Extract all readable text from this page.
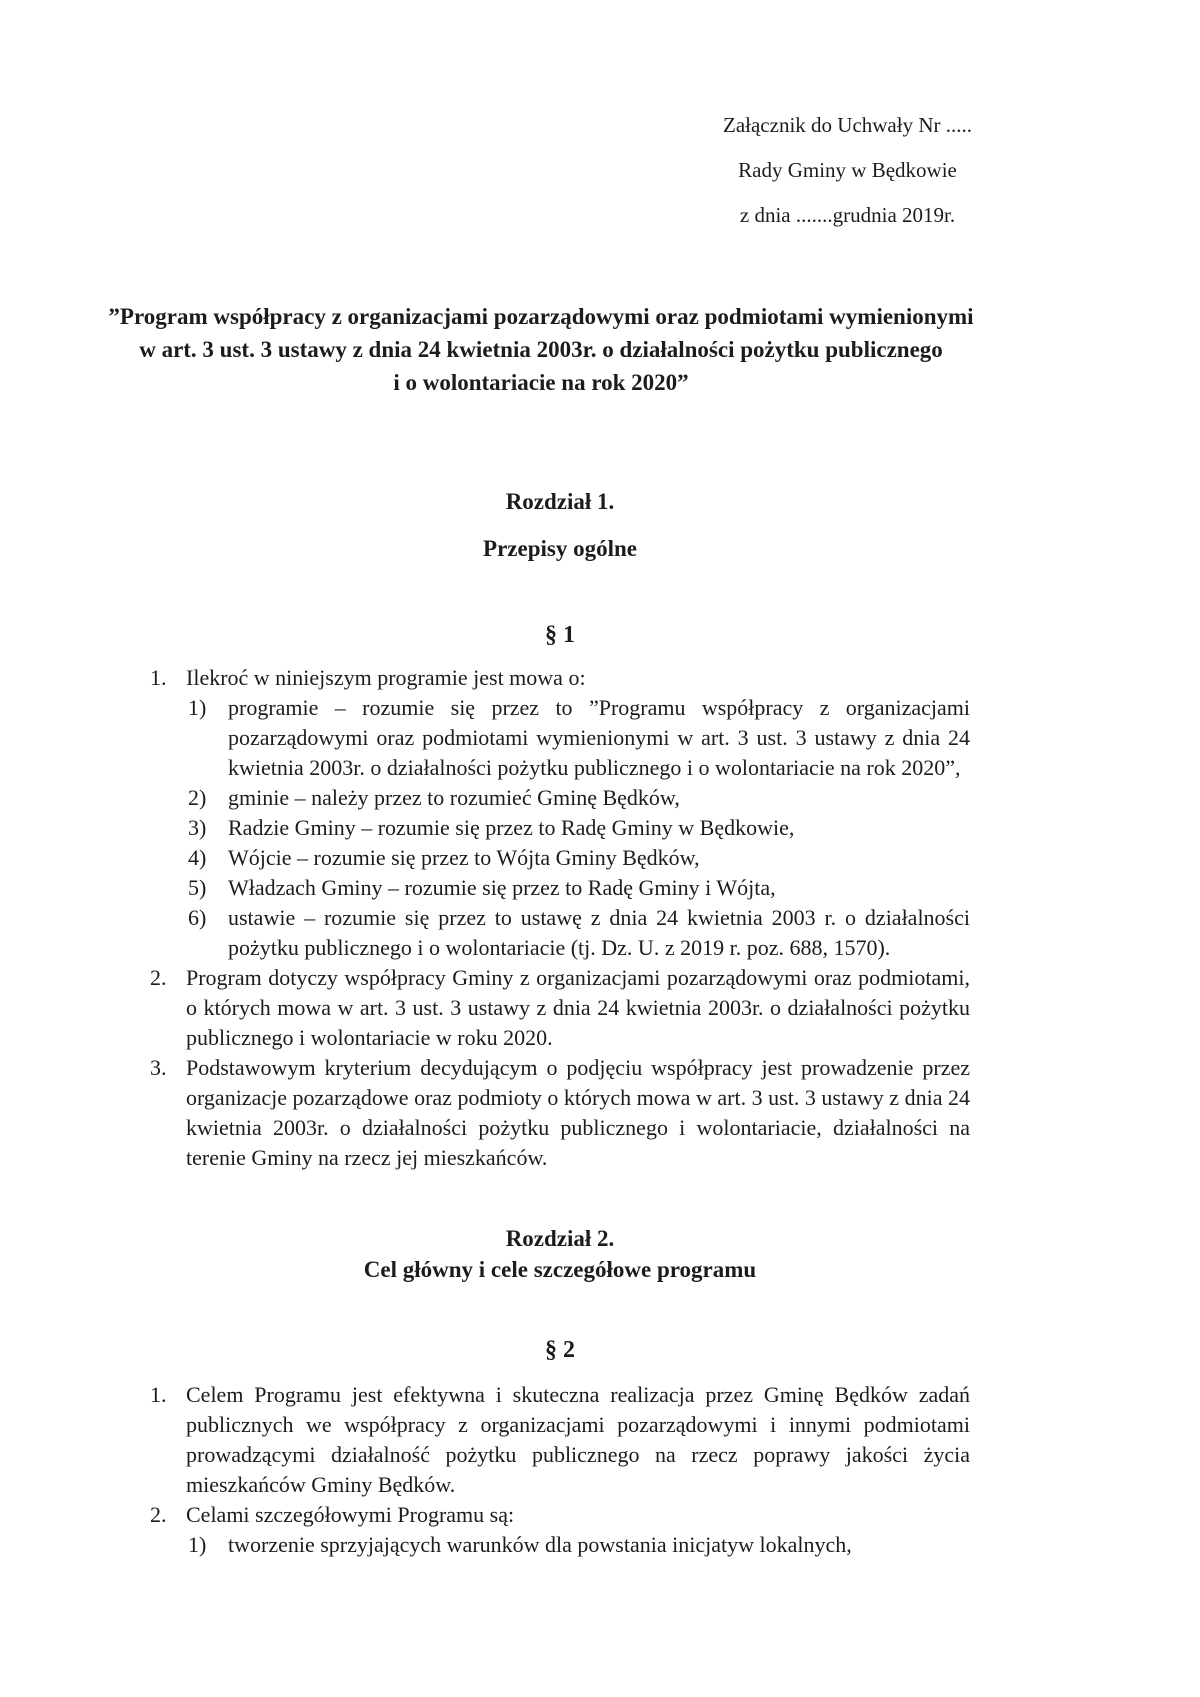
Załącznik do Uchwały Nr .....
Rady Gminy w Będkowie
z dnia .......grudnia 2019r.
”Program współpracy z organizacjami pozarządowymi oraz podmiotami wymienionymi
w art. 3 ust. 3 ustawy z dnia 24 kwietnia 2003r. o działalności pożytku publicznego
i o wolontariacie na rok 2020”
Rozdział 1.
Przepisy ogólne
§ 1
1. Ilekroć w niniejszym programie jest mowa o:
1) programie – rozumie się przez to ”Programu współpracy z organizacjami pozarządowymi oraz podmiotami wymienionymi w art. 3 ust. 3 ustawy z dnia 24 kwietnia 2003r. o działalności pożytku publicznego i o wolontariacie na rok 2020”,
2) gminie – należy przez to rozumieć Gminę Będków,
3) Radzie Gminy – rozumie się przez to Radę Gminy w Będkowie,
4) Wójcie – rozumie się przez to Wójta Gminy Będków,
5) Władzach Gminy – rozumie się przez to Radę Gminy i Wójta,
6) ustawie – rozumie się przez to ustawę z dnia 24 kwietnia 2003 r. o działalności pożytku publicznego i o wolontariacie (tj. Dz. U. z 2019 r. poz. 688, 1570).
2. Program dotyczy współpracy Gminy z organizacjami pozarządowymi oraz podmiotami, o których mowa w art. 3 ust. 3 ustawy z dnia 24 kwietnia 2003r. o działalności pożytku publicznego i wolontariacie w roku 2020.
3. Podstawowym kryterium decydującym o podjęciu współpracy jest prowadzenie przez organizacje pozarządowe oraz podmioty o których mowa w art. 3 ust. 3 ustawy z dnia 24 kwietnia 2003r. o działalności pożytku publicznego i wolontariacie, działalności na terenie Gminy na rzecz jej mieszkańców.
Rozdział 2.
Cel główny i cele szczegółowe programu
§ 2
1. Celem Programu jest efektywna i skuteczna realizacja przez Gminę Będków zadań publicznych we współpracy z organizacjami pozarządowymi i innymi podmiotami prowadzącymi działalność pożytku publicznego na rzecz poprawy jakości życia mieszkańców Gminy Będków.
2. Celami szczegółowymi Programu są:
1) tworzenie sprzyjających warunków dla powstania inicjatyw lokalnych,
